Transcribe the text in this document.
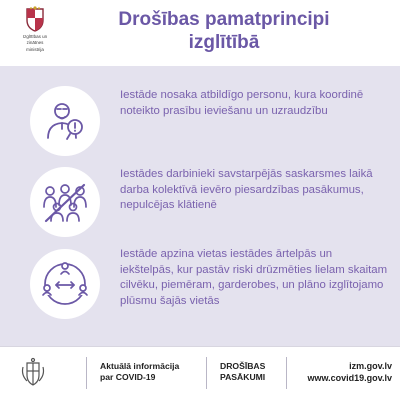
Izglītības un zinātnes
ministrija
Drošības pamatprincipi
izglītībā
Iestāde nosaka atbildīgo personu, kura koordinē noteikto prasību ieviešanu un uzraudzību
Iestādes darbinieki savstarpējās saskarsmes laikā darba kolektīvā ievēro piesardzības pasākumus, nepulcējas klātienē
Iestāde apzina vietas iestādes ārtelpās un iekštelpās, kur pastāv riski drūzmēties lielam skaitam cilvēku, piemēram, garderobes, un plāno izglītojamo plūsmu šajās vietās
Aktuālā informācija
par COVID-19
DROŠĪBAS
PASĀKUMI
izm.gov.lv
www.covid19.gov.lv
